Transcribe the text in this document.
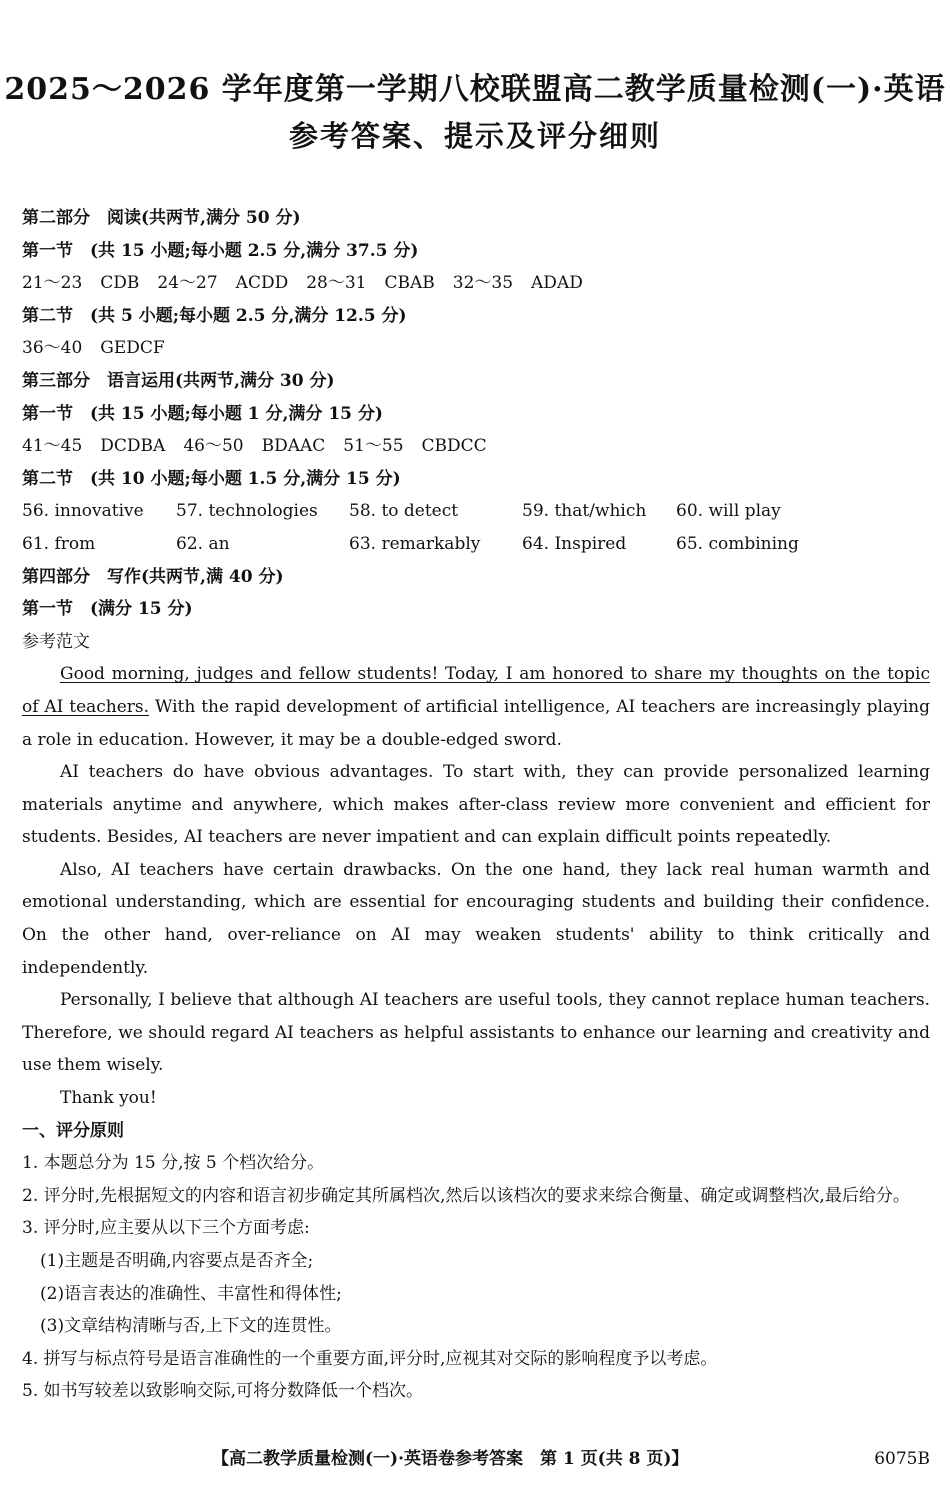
2025～2026 学年度第一学期八校联盟高二教学质量检测(一)·英语
参考答案、提示及评分细则
第二部分　阅读(共两节,满分 50 分)
第一节　(共 15 小题;每小题 2.5 分,满分 37.5 分)
21～23 CDB 24～27 ACDD 28～31 CBAB 32～35 ADAD
第二节　(共 5 小题;每小题 2.5 分,满分 12.5 分)
36～40 GEDCF
第三部分　语言运用(共两节,满分 30 分)
第一节　(共 15 小题;每小题 1 分,满分 15 分)
41～45 DCDBA 46～50 BDAAC 51～55 CBDCC
第二节　(共 10 小题;每小题 1.5 分,满分 15 分)
56. innovative	57. technologies	58. to detect	59. that/which	60. will play
61. from	62. an	63. remarkably	64. Inspired	65. combining
第四部分　写作(共两节,满 40 分)
第一节　(满分 15 分)
参考范文
Good morning, judges and fellow students! Today, I am honored to share my thoughts on the topic of AI teachers. With the rapid development of artificial intelligence, AI teachers are increasingly playing a role in education. However, it may be a double-edged sword.
AI teachers do have obvious advantages. To start with, they can provide personalized learning materials anytime and anywhere, which makes after-class review more convenient and efficient for students. Besides, AI teachers are never impatient and can explain difficult points repeatedly.
Also, AI teachers have certain drawbacks. On the one hand, they lack real human warmth and emotional understanding, which are essential for encouraging students and building their confidence. On the other hand, over-reliance on AI may weaken students' ability to think critically and independently.
Personally, I believe that although AI teachers are useful tools, they cannot replace human teachers. Therefore, we should regard AI teachers as helpful assistants to enhance our learning and creativity and use them wisely.
Thank you!
一、评分原则
1. 本题总分为 15 分,按 5 个档次给分。
2. 评分时,先根据短文的内容和语言初步确定其所属档次,然后以该档次的要求来综合衡量、确定或调整档次,最后给分。
3. 评分时,应主要从以下三个方面考虑:
(1)主题是否明确,内容要点是否齐全;
(2)语言表达的准确性、丰富性和得体性;
(3)文章结构清晰与否,上下文的连贯性。
4. 拼写与标点符号是语言准确性的一个重要方面,评分时,应视其对交际的影响程度予以考虑。
5. 如书写较差以致影响交际,可将分数降低一个档次。
【高二教学质量检测(一)·英语卷参考答案　第 1 页(共 8 页)】	6075B
